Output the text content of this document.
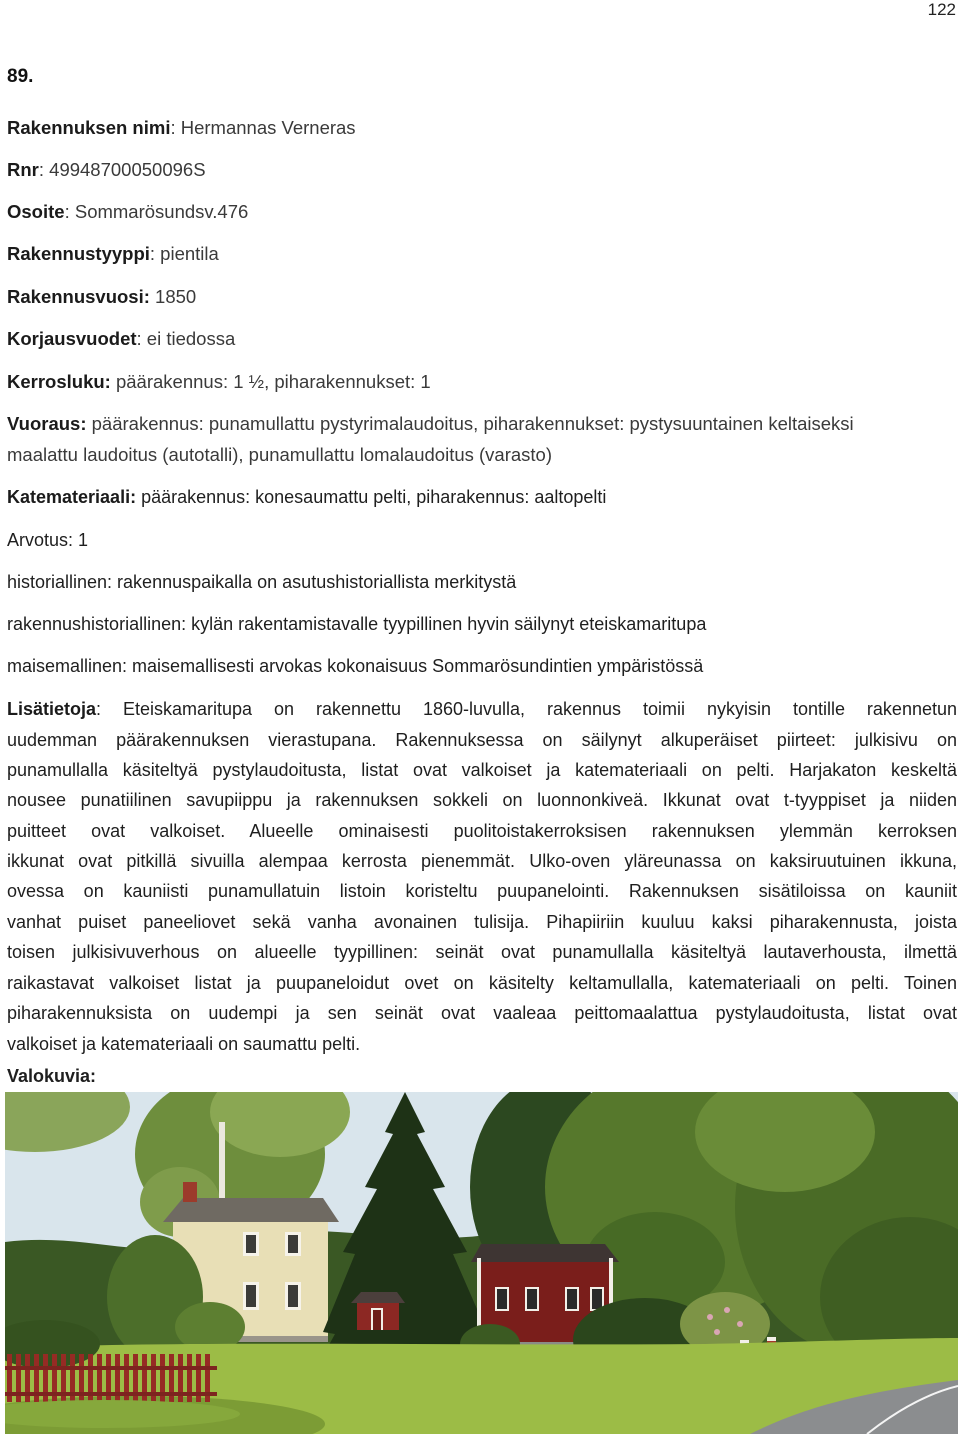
122
89.
Rakennuksen nimi: Hermannas Verneras
Rnr: 49948700050096S
Osoite: Sommarösundsv.476
Rakennustyyppi: pientila
Rakennusvuosi: 1850
Korjausvuodet: ei tiedossa
Kerrosluku: päärakennus: 1 ½, piharakennukset: 1
Vuoraus: päärakennus: punamullattu pystyrimalaudoitus, piharakennukset: pystysuuntainen keltaiseksi
maalattu laudoitus (autotalli), punamullattu lomalaudoitus (varasto)
Katemateriaali: päärakennus: konesaumattu pelti, piharakennus: aaltopelti
Arvotus: 1
historiallinen: rakennuspaikalla on asutushistoriallista merkitystä
rakennushistoriallinen: kylän rakentamistavalle tyypillinen hyvin säilynyt eteiskamaritupa
maisemallinen: maisemallisesti arvokas kokonaisuus Sommarösundintien ympäristössä
Lisätietoja: Eteiskamaritupa on rakennettu 1860-luvulla, rakennus toimii nykyisin tontille rakennetun
uudemman päärakennuksen vierastupana. Rakennuksessa on säilynyt alkuperäiset piirteet: julkisivu on
punamullalla käsiteltyä pystylaudoitusta, listat ovat valkoiset ja katemateriaali on pelti. Harjakaton keskeltä
nousee punatiilinen savupiippu ja rakennuksen sokkeli on luonnonkiveä. Ikkunat ovat t-tyyppiset ja niiden
puitteet ovat valkoiset. Alueelle ominaisesti puolitoistakerroksisen rakennuksen ylemmän kerroksen
ikkunat ovat pitkillä sivuilla alempaa kerrosta pienemmät. Ulko-oven yläreunassa on kaksiruutuinen ikkuna,
ovessa on kauniisti punamullatuin listoin koristeltu puupanelointi. Rakennuksen sisätiloissa on kauniit
vanhat puiset paneeliovet sekä vanha avonainen tulisija. Pihapiiriin kuuluu kaksi piharakennusta, joista
toisen julkisivuverhous on alueelle tyypillinen: seinät ovat punamullalla käsiteltyä lautaverhousta, ilmettä
raikastavat valkoiset listat ja puupaneloidut ovet on käsitelty keltamullalla, katemateriaali on pelti. Toinen
piharakennuksista on uudempi ja sen seinät ovat vaaleaa peittomaalattua pystylaudoitusta, listat ovat
valkoiset ja katemateriaali on saumattu pelti.
Valokuvia:
